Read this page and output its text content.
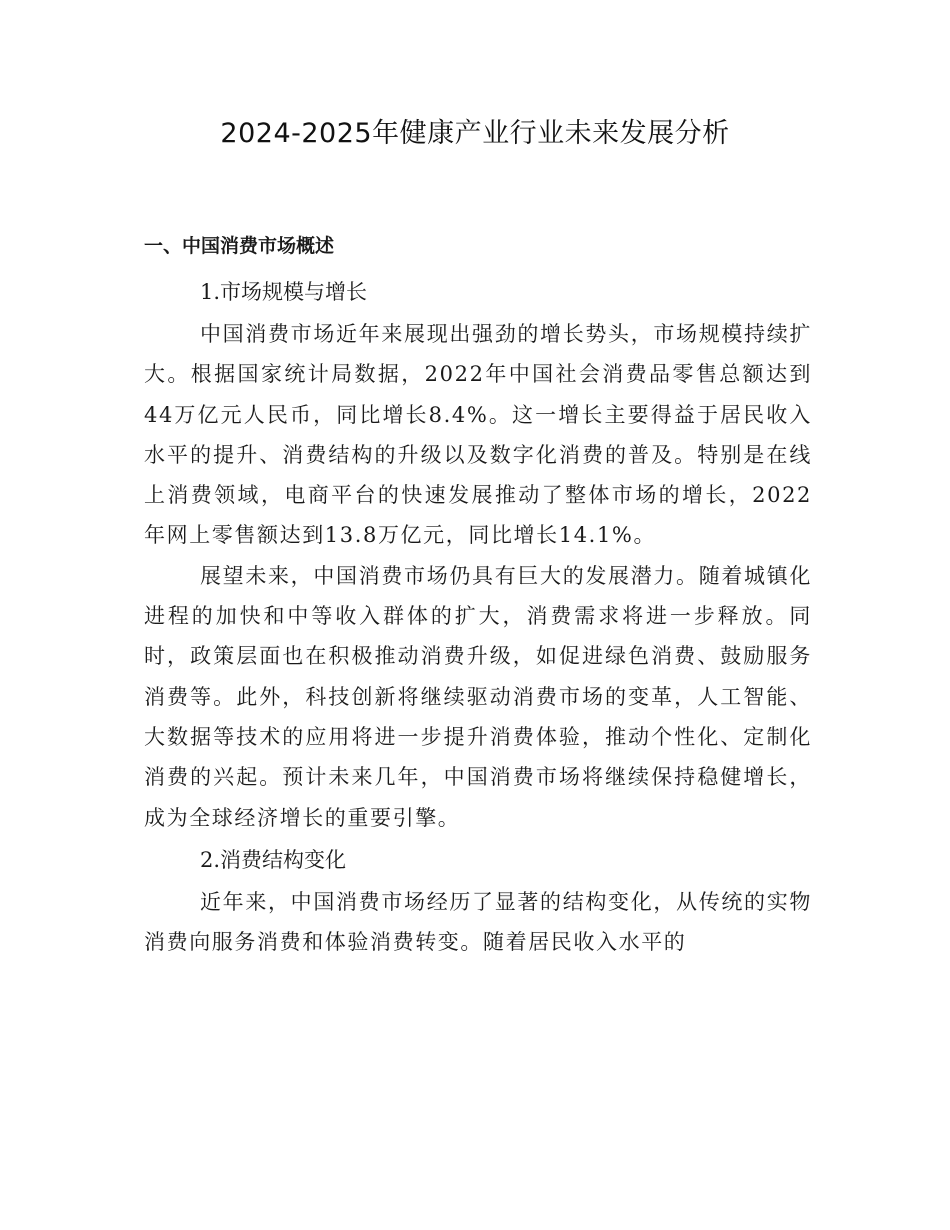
2024-2025年健康产业行业未来发展分析
一、中国消费市场概述
1.市场规模与增长

中国消费市场近年来展现出强劲的增长势头，市场规模持续扩大。根据国家统计局数据，2022年中国社会消费品零售总额达到44万亿元人民币，同比增长8.4%。这一增长主要得益于居民收入水平的提升、消费结构的升级以及数字化消费的普及。特别是在线上消费领域，电商平台的快速发展推动了整体市场的增长，2022年网上零售额达到13.8万亿元，同比增长14.1%。

展望未来，中国消费市场仍具有巨大的发展潜力。随着城镇化进程的加快和中等收入群体的扩大，消费需求将进一步释放。同时，政策层面也在积极推动消费升级，如促进绿色消费、鼓励服务消费等。此外，科技创新将继续驱动消费市场的变革，人工智能、大数据等技术的应用将进一步提升消费体验，推动个性化、定制化消费的兴起。预计未来几年，中国消费市场将继续保持稳健增长，成为全球经济增长的重要引擎。

2.消费结构变化

近年来，中国消费市场经历了显著的结构变化，从传统的实物消费向服务消费和体验消费转变。随着居民收入水平的
